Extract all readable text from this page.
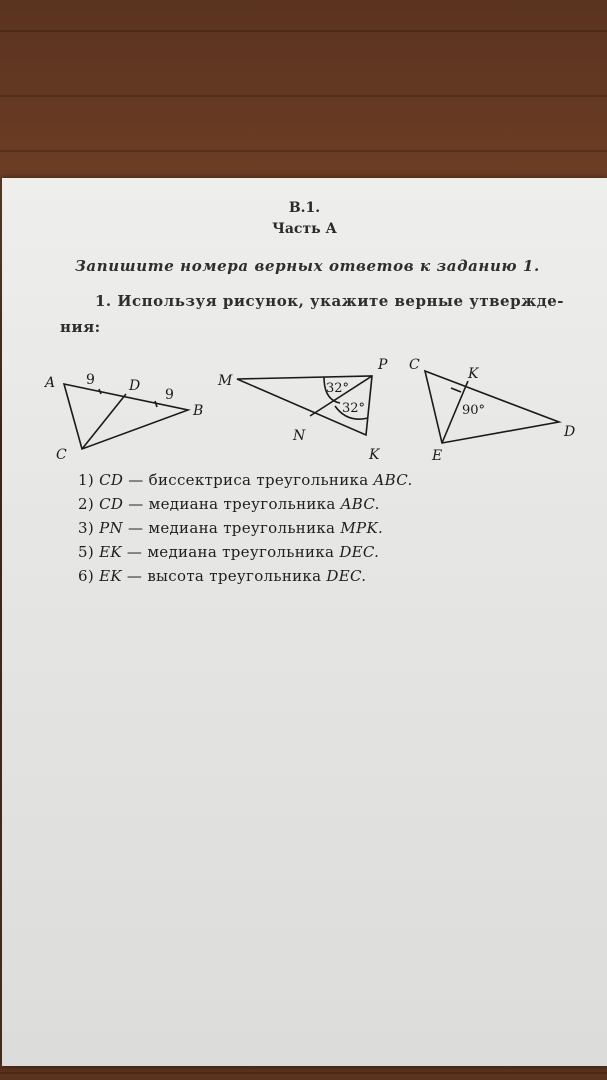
В.1.
Часть А
Запишите номера верных ответов к заданию 1.
1. Используя рисунок, укажите верные утвержде-
ния:
A	D
B
C
9
9
M
P
N
K
32°
32°
C
K
D
E
90°
1) CD — биссектриса треугольника ABC.
2) CD — медиана треугольника ABC.
3) PN — медиана треугольника MPK.
5) EK — медиана треугольника DEC.
6) EK — высота треугольника DEC.
